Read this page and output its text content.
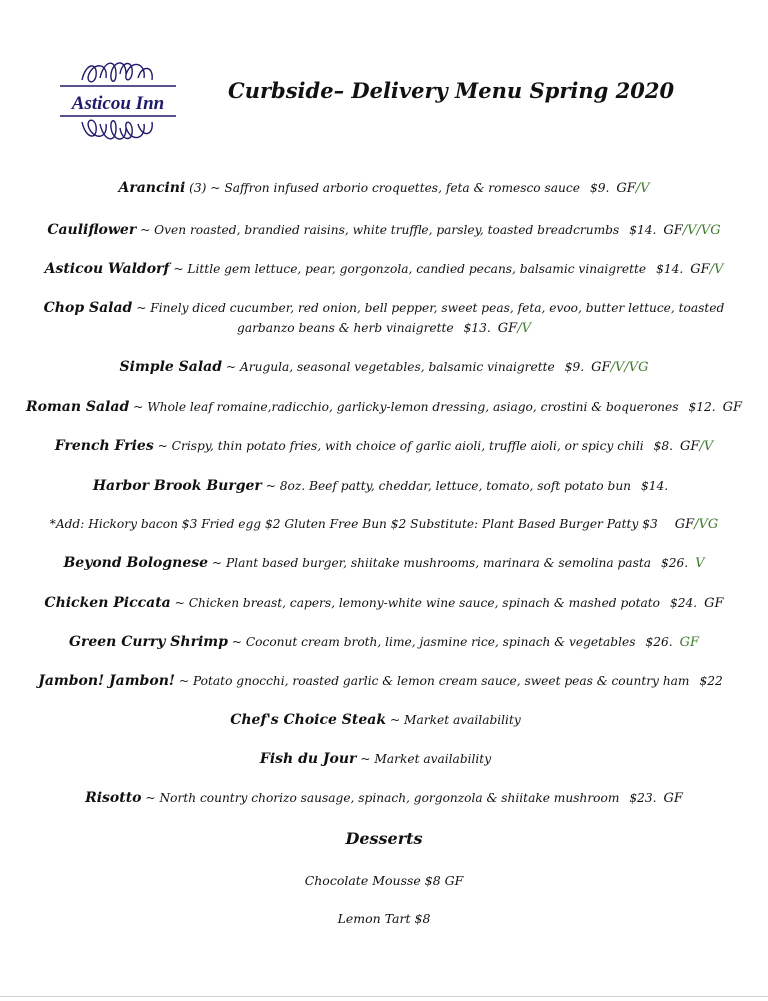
Asticou Inn
Curbside– Delivery Menu Spring 2020
Arancini (3) ~ Saffron infused arborio croquettes, feta & romesco sauce $9. GF/V
Cauliflower ~ Oven roasted, brandied raisins, white truffle, parsley, toasted breadcrumbs $14. GF/V/VG
Asticou Waldorf ~ Little gem lettuce, pear, gorgonzola, candied pecans, balsamic vinaigrette $14. GF/V
Chop Salad ~ Finely diced cucumber, red onion, bell pepper, sweet peas, feta, evoo, butter lettuce, toasted garbanzo beans & herb vinaigrette $13. GF/V
Simple Salad ~ Arugula, seasonal vegetables, balsamic vinaigrette $9. GF/V/VG
Roman Salad ~ Whole leaf romaine,radicchio, garlicky-lemon dressing, asiago, crostini & boquerones $12. GF
French Fries ~ Crispy, thin potato fries, with choice of garlic aioli, truffle aioli, or spicy chili $8. GF/V
Harbor Brook Burger ~ 8oz. Beef patty, cheddar, lettuce, tomato, soft potato bun $14.
*Add: Hickory bacon $3 Fried egg $2 Gluten Free Bun $2 Substitute: Plant Based Burger Patty $3 GF/VG
Beyond Bolognese ~ Plant based burger, shiitake mushrooms, marinara & semolina pasta $26. V
Chicken Piccata ~ Chicken breast, capers, lemony-white wine sauce, spinach & mashed potato $24. GF
Green Curry Shrimp ~ Coconut cream broth, lime, jasmine rice, spinach & vegetables $26. GF
Jambon! Jambon! ~ Potato gnocchi, roasted garlic & lemon cream sauce, sweet peas & country ham $22
Chef's Choice Steak ~ Market availability
Fish du Jour ~ Market availability
Risotto ~ North country chorizo sausage, spinach, gorgonzola & shiitake mushroom $23. GF
Desserts
Chocolate Mousse $8 GF
Lemon Tart $8
